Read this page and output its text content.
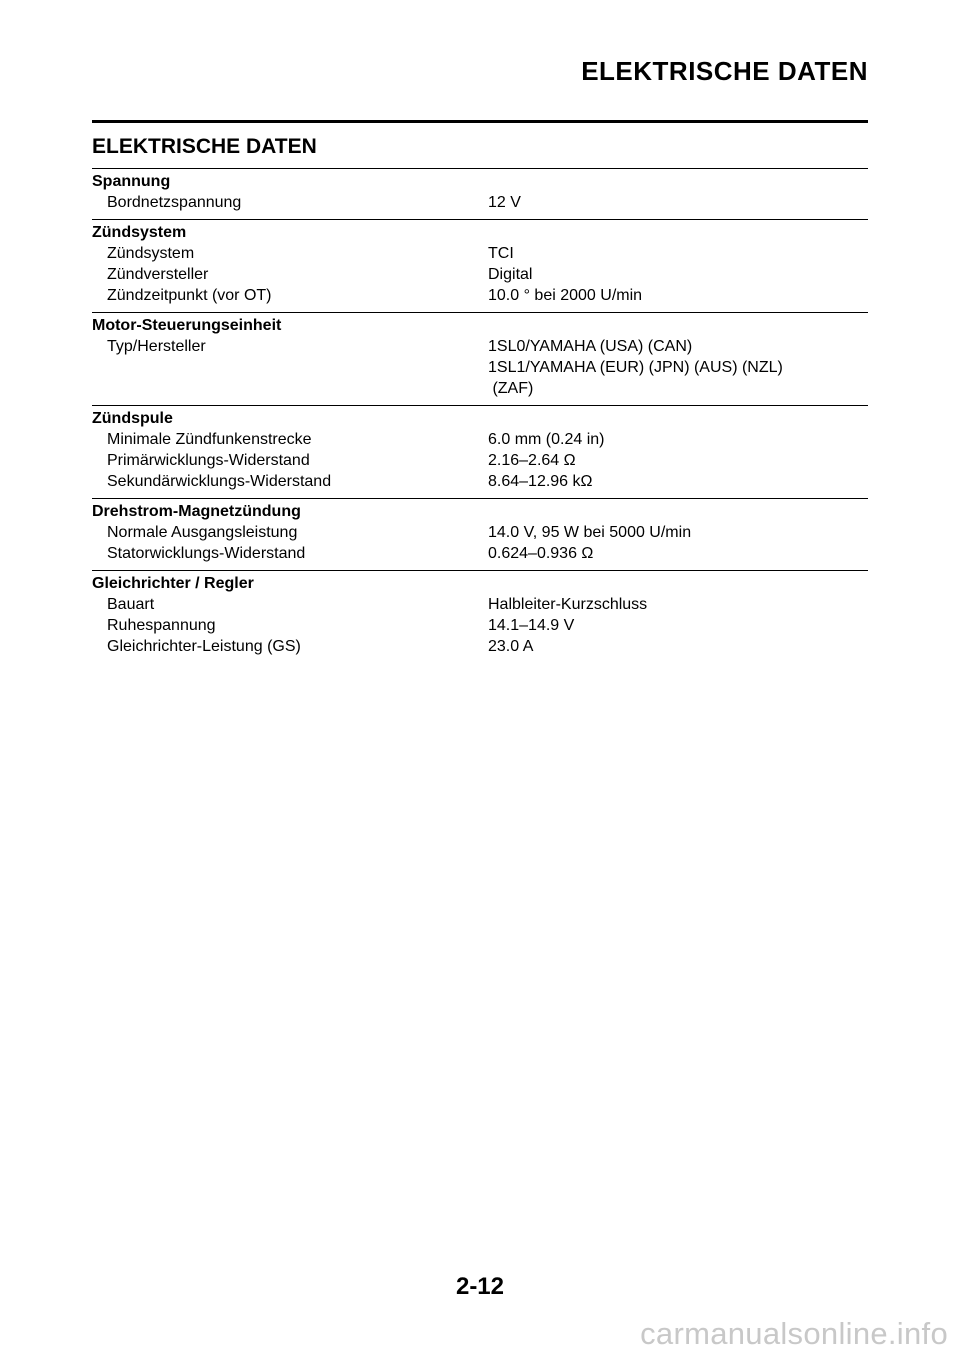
ELEKTRISCHE DATEN
ELEKTRISCHE DATEN
Spannung
Bordnetzspannung	12 V
Zündsystem
Zündsystem	TCI
Zündversteller	Digital
Zündzeitpunkt (vor OT)	10.0 ° bei 2000 U/min
Motor-Steuerungseinheit
Typ/Hersteller	1SL0/YAMAHA (USA) (CAN)
1SL1/YAMAHA (EUR) (JPN) (AUS) (NZL)
(ZAF)
Zündspule
Minimale Zündfunkenstrecke	6.0 mm (0.24 in)
Primärwicklungs-Widerstand	2.16–2.64 Ω
Sekundärwicklungs-Widerstand	8.64–12.96 kΩ
Drehstrom-Magnetzündung
Normale Ausgangsleistung	14.0 V, 95 W bei 5000 U/min
Statorwicklungs-Widerstand	0.624–0.936 Ω
Gleichrichter / Regler
Bauart	Halbleiter-Kurzschluss
Ruhespannung	14.1–14.9 V
Gleichrichter-Leistung (GS)	23.0 A
2-12
carmanualsonline.info
